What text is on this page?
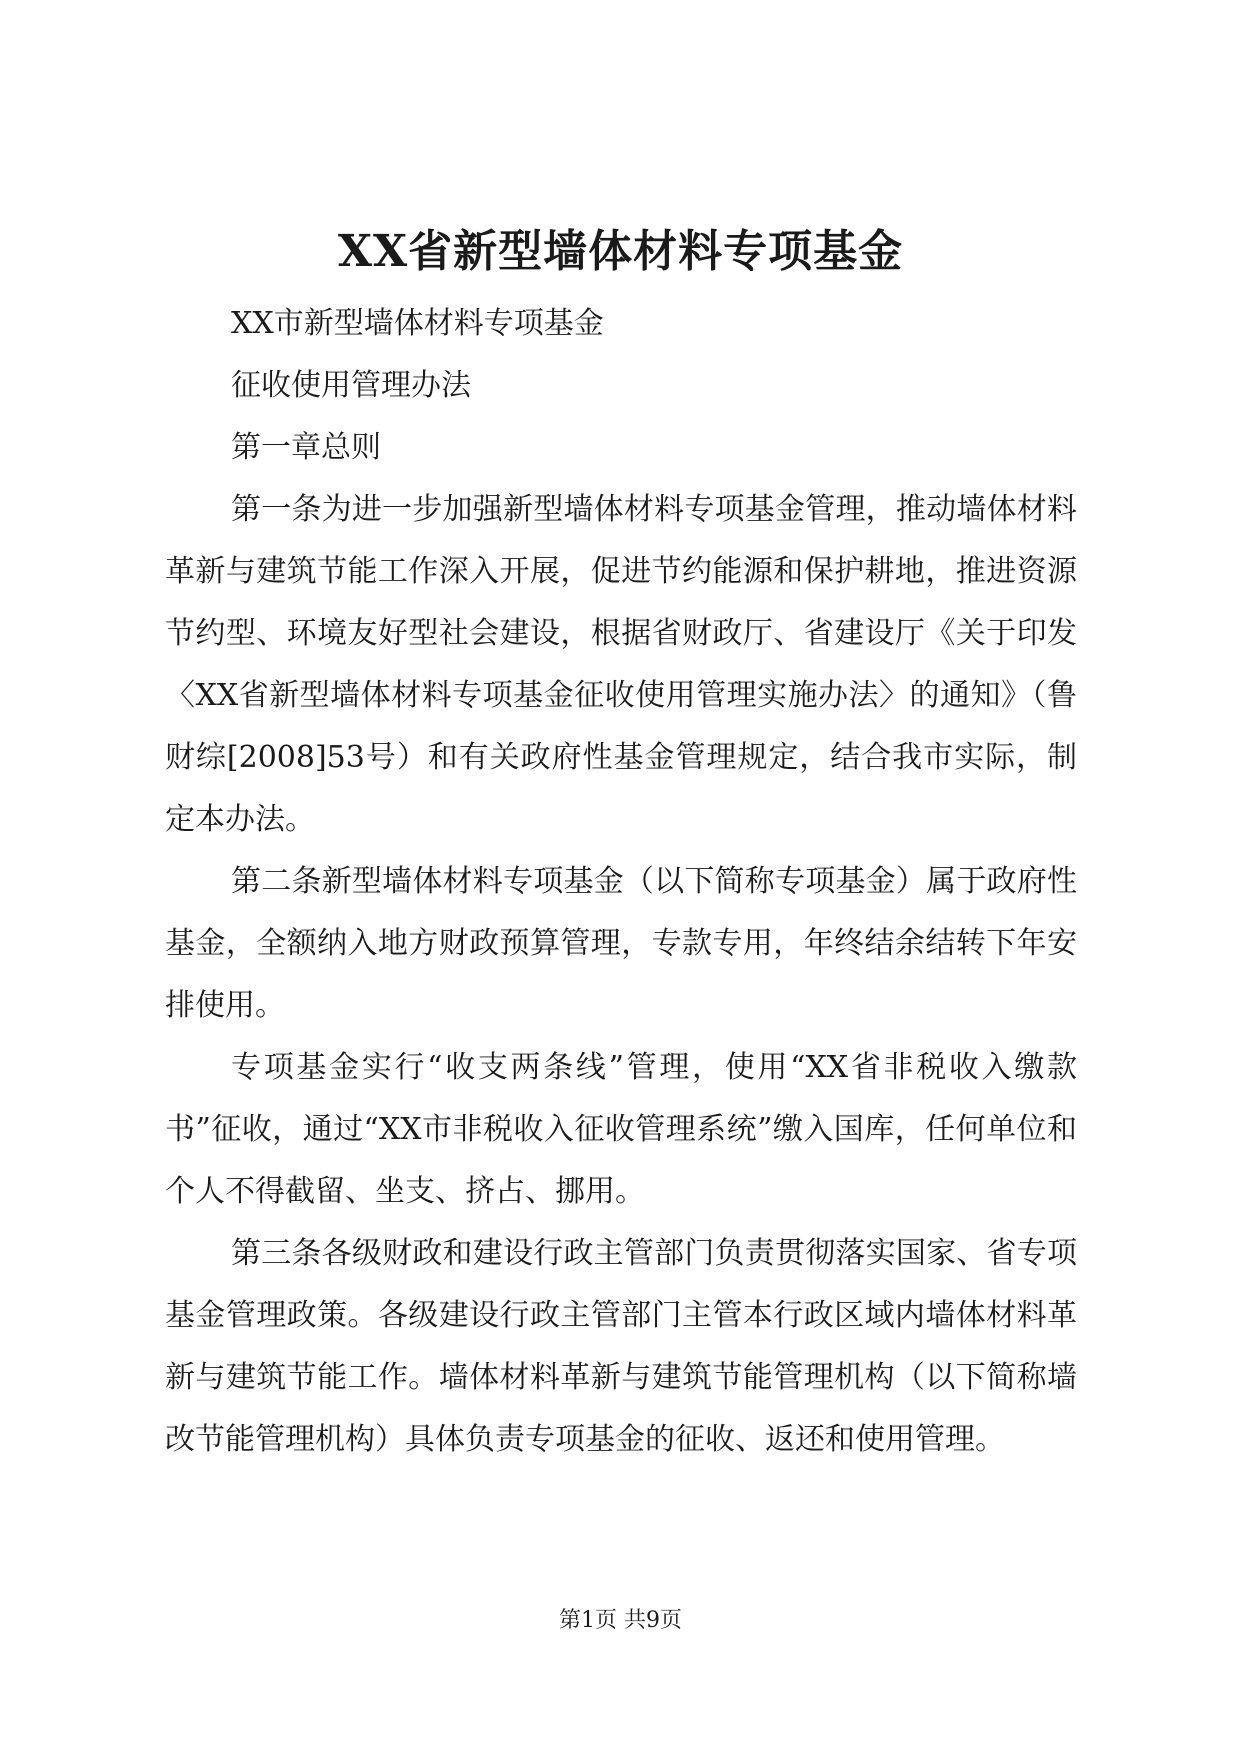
XX省新型墙体材料专项基金

XX市新型墙体材料专项基金

征收使用管理办法

第一章总则

第一条为进一步加强新型墙体材料专项基金管理，推动墙体材料革新与建筑节能工作深入开展，促进节约能源和保护耕地，推进资源节约型、环境友好型社会建设，根据省财政厅、省建设厅《关于印发〈XX省新型墙体材料专项基金征收使用管理实施办法〉的通知》（鲁财综[2008]53号）和有关政府性基金管理规定，结合我市实际，制定本办法。

第二条新型墙体材料专项基金（以下简称专项基金）属于政府性基金，全额纳入地方财政预算管理，专款专用，年终结余结转下年安排使用。

专项基金实行“收支两条线”管理，使用“XX省非税收入缴款书”征收，通过“XX市非税收入征收管理系统”缴入国库，任何单位和个人不得截留、坐支、挤占、挪用。

第三条各级财政和建设行政主管部门负责贯彻落实国家、省专项基金管理政策。各级建设行政主管部门主管本行政区域内墙体材料革新与建筑节能工作。墙体材料革新与建筑节能管理机构（以下简称墙改节能管理机构）具体负责专项基金的征收、返还和使用管理。

第1页 共9页
